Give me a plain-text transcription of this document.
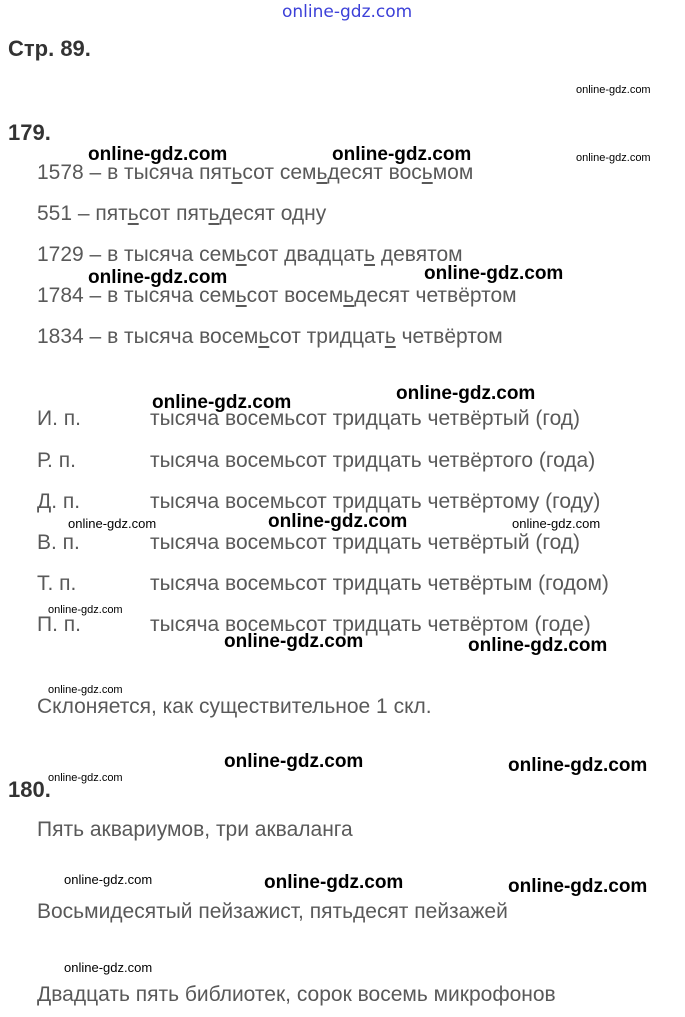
online-gdz.com
Стр. 89.
179.
1578 – в тысяча пятьсот семьдесят восьмом
551 – пятьсот пятьдесят одну
1729 – в тысяча семьсот двадцать девятом
1784 – в тысяча семьсот восемьдесят четвёртом
1834 – в тысяча восемьсот тридцать четвёртом
И. п.	тысяча восемьсот тридцать четвёртый (год)
Р. п.	тысяча восемьсот тридцать четвёртого (года)
Д. п.	тысяча восемьсот тридцать четвёртому (году)
В. п.	тысяча восемьсот тридцать четвёртый (год)
Т. п.	тысяча восемьсот тридцать четвёртым (годом)
П. п.	тысяча восемьсот тридцать четвёртом (годе)
Склоняется, как существительное 1 скл.
180.
Пять аквариумов, три акваланга
Восьмидесятый пейзажист, пятьдесят пейзажей
Двадцать пять библиотек, сорок восемь микрофонов
online-gdz.com	online-gdz.com
online-gdz.com	online-gdz.com
online-gdz.com	online-gdz.com
online-gdz.com
online-gdz.com	online-gdz.com
online-gdz.com	online-gdz.com
online-gdz.com	online-gdz.com
online-gdz.com
online-gdz.com
online-gdz.com	online-gdz.com
online-gdz.com
online-gdz.com
online-gdz.com
online-gdz.com
online-gdz.com
